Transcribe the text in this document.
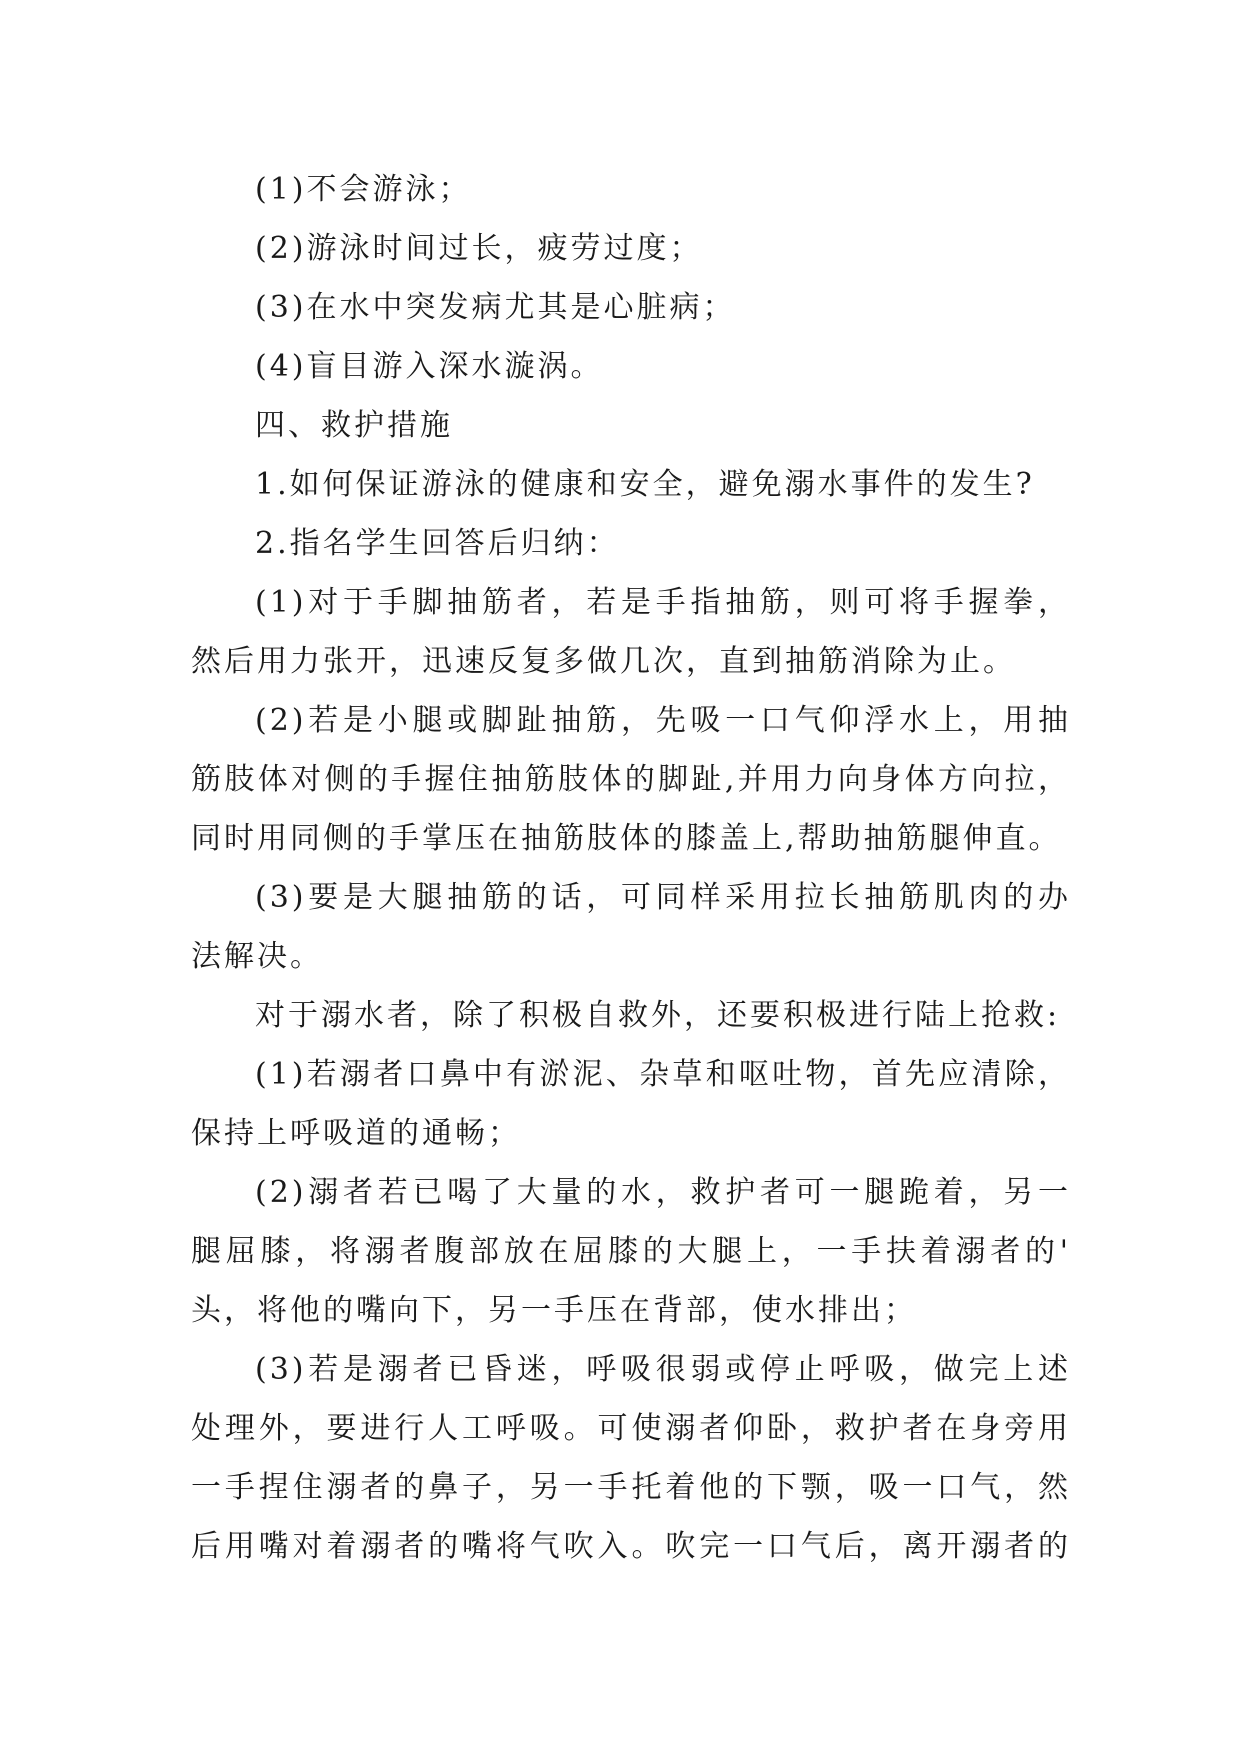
(1)不会游泳；
(2)游泳时间过长，疲劳过度；
(3)在水中突发病尤其是心脏病；
(4)盲目游入深水漩涡。
四、救护措施
1.如何保证游泳的健康和安全，避免溺水事件的发生?
2.指名学生回答后归纳：
(1)对于手脚抽筋者，若是手指抽筋，则可将手握拳，
然后用力张开，迅速反复多做几次，直到抽筋消除为止。
(2)若是小腿或脚趾抽筋，先吸一口气仰浮水上，用抽
筋肢体对侧的手握住抽筋肢体的脚趾,并用力向身体方向拉，
同时用同侧的手掌压在抽筋肢体的膝盖上,帮助抽筋腿伸直。
(3)要是大腿抽筋的话，可同样采用拉长抽筋肌肉的办
法解决。
对于溺水者，除了积极自救外，还要积极进行陆上抢救:
(1)若溺者口鼻中有淤泥、杂草和呕吐物，首先应清除，
保持上呼吸道的通畅；
(2)溺者若已喝了大量的水，救护者可一腿跪着，另一
腿屈膝，将溺者腹部放在屈膝的大腿上，一手扶着溺者的'
头，将他的嘴向下，另一手压在背部，使水排出；
(3)若是溺者已昏迷，呼吸很弱或停止呼吸，做完上述
处理外，要进行人工呼吸。可使溺者仰卧，救护者在身旁用
一手捏住溺者的鼻子，另一手托着他的下颚，吸一口气，然
后用嘴对着溺者的嘴将气吹入。吹完一口气后，离开溺者的
